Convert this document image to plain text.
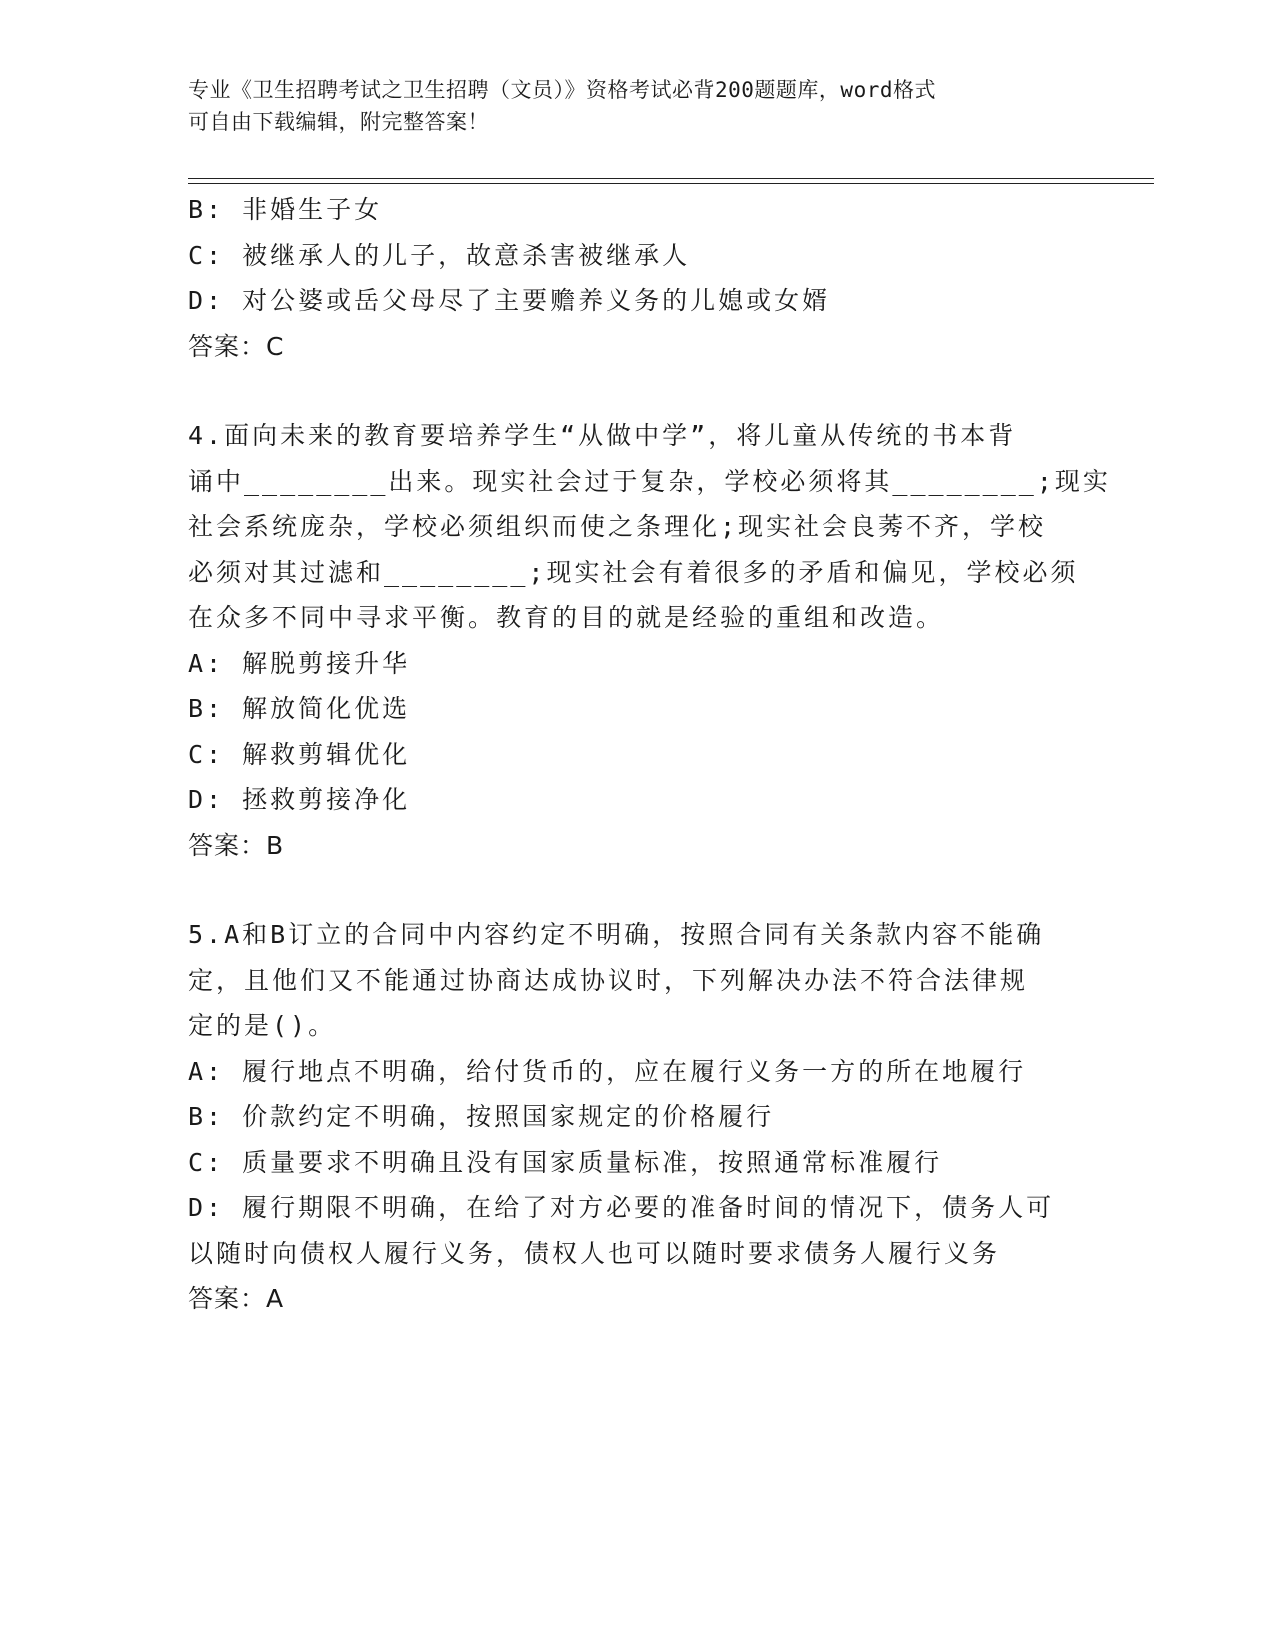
专业《卫生招聘考试之卫生招聘（文员）》资格考试必背200题题库，word格式
可自由下载编辑，附完整答案！
B: 非婚生子女
C: 被继承人的儿子，故意杀害被继承人
D: 对公婆或岳父母尽了主要赡养义务的儿媳或女婿
答案：C
4.面向未来的教育要培养学生“从做中学”，将儿童从传统的书本背
诵中________出来。现实社会过于复杂，学校必须将其________;现实
社会系统庞杂，学校必须组织而使之条理化;现实社会良莠不齐，学校
必须对其过滤和________;现实社会有着很多的矛盾和偏见，学校必须
在众多不同中寻求平衡。教育的目的就是经验的重组和改造。
A: 解脱剪接升华
B: 解放简化优选
C: 解救剪辑优化
D: 拯救剪接净化
答案：B
5.A和B订立的合同中内容约定不明确，按照合同有关条款内容不能确
定，且他们又不能通过协商达成协议时，下列解决办法不符合法律规
定的是()。
A: 履行地点不明确，给付货币的，应在履行义务一方的所在地履行
B: 价款约定不明确，按照国家规定的价格履行
C: 质量要求不明确且没有国家质量标准，按照通常标准履行
D: 履行期限不明确，在给了对方必要的准备时间的情况下，债务人可
以随时向债权人履行义务，债权人也可以随时要求债务人履行义务
答案：A
